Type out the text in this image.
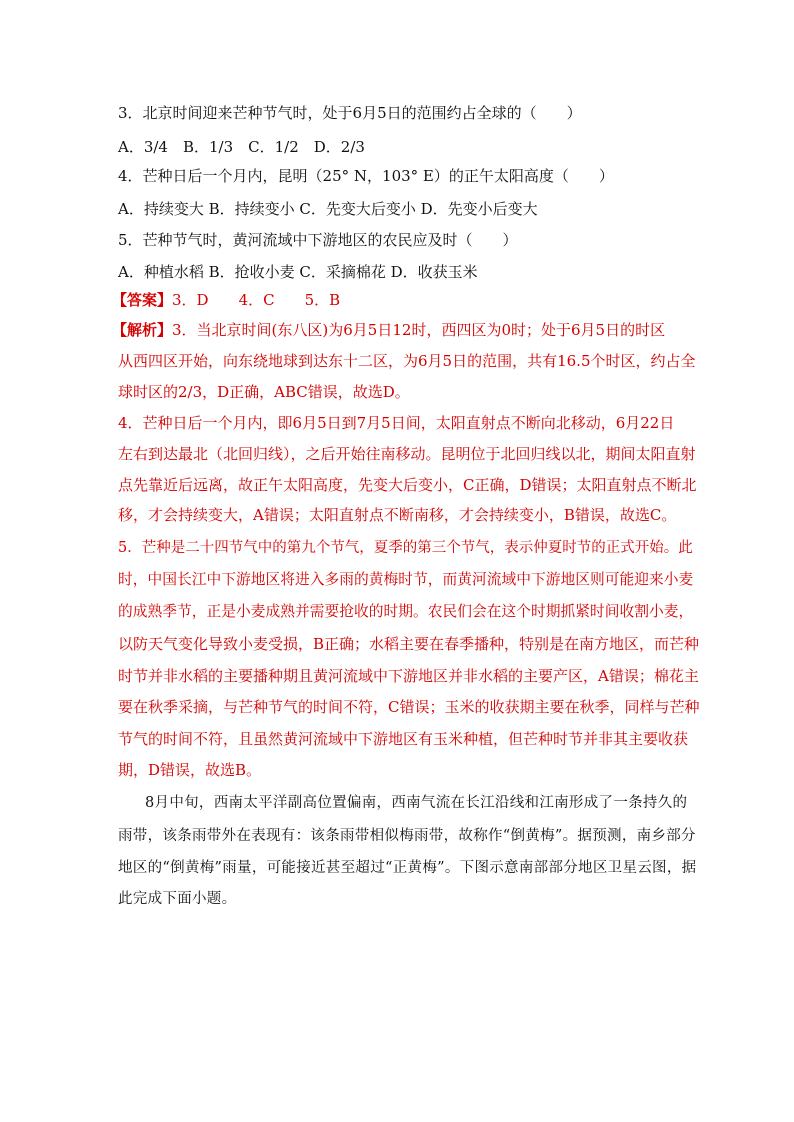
3．北京时间迎来芒种节气时，处于6月5日的范围约占全球的（　　）
A．3/4　B．1/3　C．1/2　D．2/3
4．芒种日后一个月内，昆明（25° N，103° E）的正午太阳高度（　　）
A．持续变大 B．持续变小 C．先变大后变小 D．先变小后变大
5．芒种节气时，黄河流域中下游地区的农民应及时（　　）
A．种植水稻 B．抢收小麦 C．采摘棉花 D．收获玉米
【答案】3．D　　4．C　　5．B
【解析】3．当北京时间(东八区)为6月5日12时，西四区为0时；处于6月5日的时区
从西四区开始，向东绕地球到达东十二区，为6月5日的范围，共有16.5个时区，约占全
球时区的2/3，D正确，ABC错误，故选D。
4．芒种日后一个月内，即6月5日到7月5日间，太阳直射点不断向北移动，6月22日
左右到达最北（北回归线），之后开始往南移动。昆明位于北回归线以北，期间太阳直射
点先靠近后远离，故正午太阳高度，先变大后变小，C正确，D错误；太阳直射点不断北
移，才会持续变大，A错误；太阳直射点不断南移，才会持续变小，B错误，故选C。
5．芒种是二十四节气中的第九个节气，夏季的第三个节气，表示仲夏时节的正式开始。此
时，中国长江中下游地区将进入多雨的黄梅时节，而黄河流域中下游地区则可能迎来小麦
的成熟季节，正是小麦成熟并需要抢收的时期。农民们会在这个时期抓紧时间收割小麦，
以防天气变化导致小麦受损，B正确；水稻主要在春季播种，特别是在南方地区，而芒种
时节并非水稻的主要播种期且黄河流域中下游地区并非水稻的主要产区，A错误；棉花主
要在秋季采摘，与芒种节气的时间不符，C错误；玉米的收获期主要在秋季，同样与芒种
节气的时间不符，且虽然黄河流域中下游地区有玉米种植，但芒种时节并非其主要收获
期，D错误，故选B。
8月中旬，西南太平洋副高位置偏南，西南气流在长江沿线和江南形成了一条持久的
雨带，该条雨带外在表现有：该条雨带相似梅雨带，故称作“倒黄梅”。据预测，南乡部分
地区的“倒黄梅”雨量，可能接近甚至超过“正黄梅”。下图示意南部部分地区卫星云图，据
此完成下面小题。
